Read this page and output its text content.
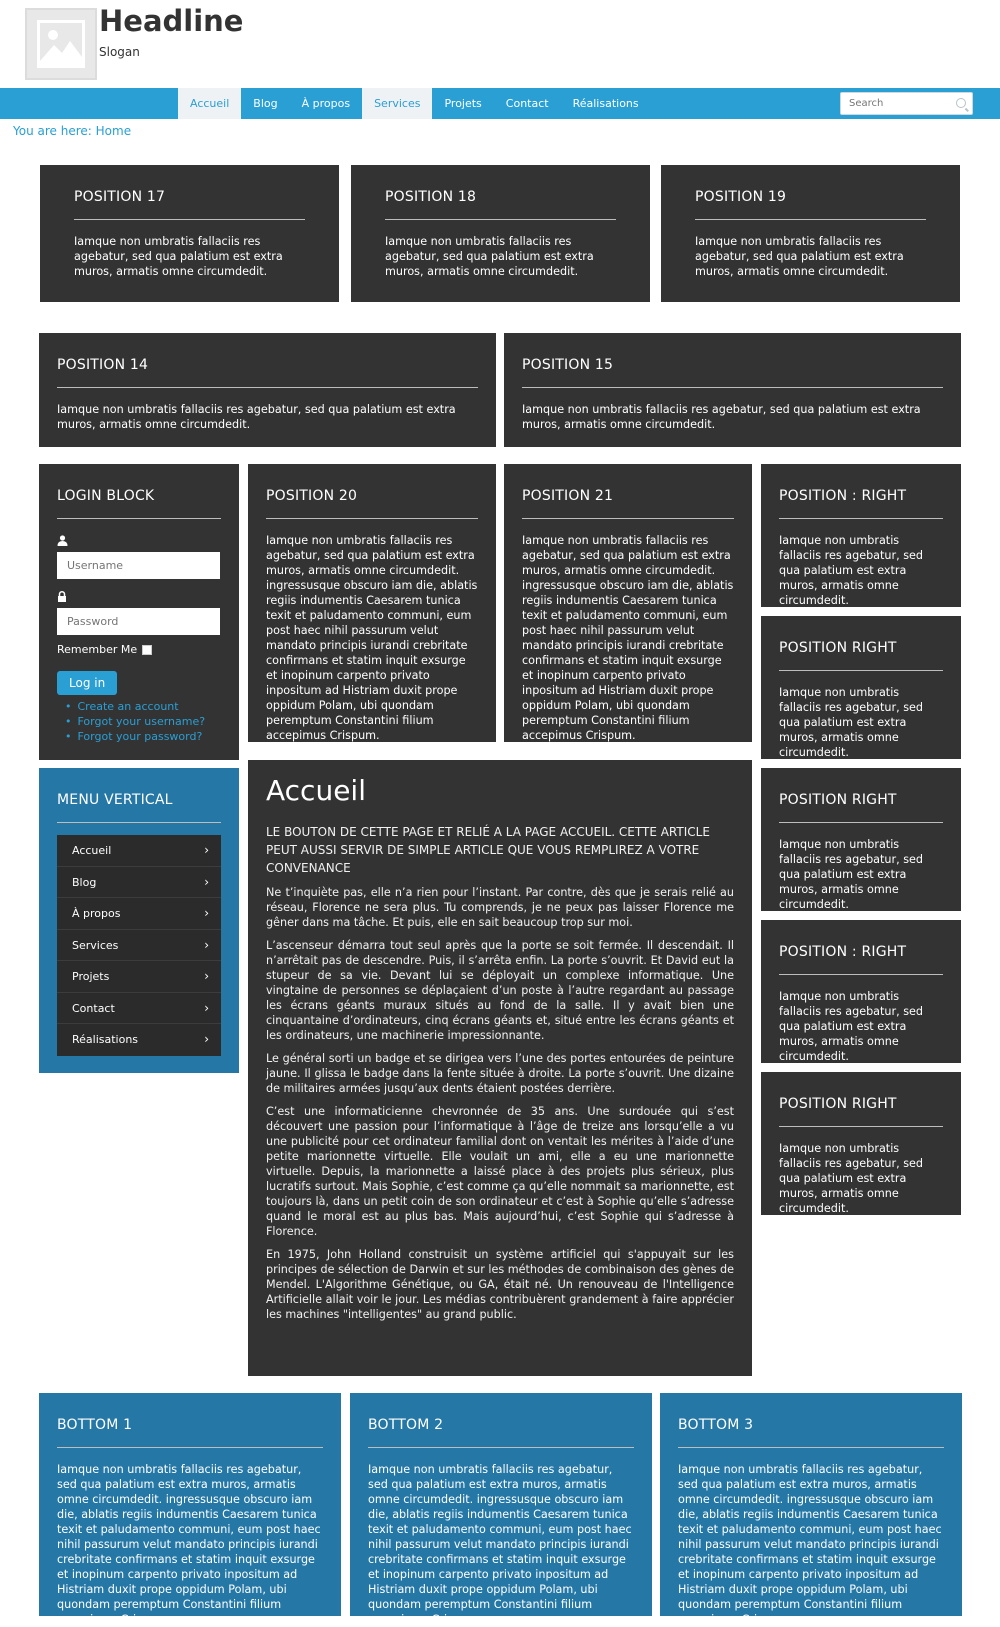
Headline
Slogan
Accueil	Blog	À propos	Services	Projets	Contact	Réalisations
Search
You are here: Home
POSITION 17
Iamque non umbratis fallaciis res agebatur, sed qua palatium est extra muros, armatis omne circumdedit.
POSITION 18
Iamque non umbratis fallaciis res agebatur, sed qua palatium est extra muros, armatis omne circumdedit.
POSITION 19
Iamque non umbratis fallaciis res agebatur, sed qua palatium est extra muros, armatis omne circumdedit.
POSITION 14
Iamque non umbratis fallaciis res agebatur, sed qua palatium est extra muros, armatis omne circumdedit.
POSITION 15
Iamque non umbratis fallaciis res agebatur, sed qua palatium est extra muros, armatis omne circumdedit.
LOGIN BLOCK
Username
Password
Remember Me
Log in
• Create an account
• Forgot your username?
• Forgot your password?
POSITION 20
Iamque non umbratis fallaciis res agebatur, sed qua palatium est extra muros, armatis omne circumdedit. ingressusque obscuro iam die, ablatis regiis indumentis Caesarem tunica texit et paludamento communi, eum post haec nihil passurum velut mandato principis iurandi crebritate confirmans et statim inquit exsurge et inopinum carpento privato inpositum ad Histriam duxit prope oppidum Polam, ubi quondam peremptum Constantini filium accepimus Crispum.
POSITION 21
Iamque non umbratis fallaciis res agebatur, sed qua palatium est extra muros, armatis omne circumdedit. ingressusque obscuro iam die, ablatis regiis indumentis Caesarem tunica texit et paludamento communi, eum post haec nihil passurum velut mandato principis iurandi crebritate confirmans et statim inquit exsurge et inopinum carpento privato inpositum ad Histriam duxit prope oppidum Polam, ubi quondam peremptum Constantini filium accepimus Crispum.
POSITION : RIGHT
Iamque non umbratis fallaciis res agebatur, sed qua palatium est extra muros, armatis omne circumdedit.
POSITION RIGHT
Iamque non umbratis fallaciis res agebatur, sed qua palatium est extra muros, armatis omne circumdedit.
POSITION RIGHT
Iamque non umbratis fallaciis res agebatur, sed qua palatium est extra muros, armatis omne circumdedit.
POSITION : RIGHT
Iamque non umbratis fallaciis res agebatur, sed qua palatium est extra muros, armatis omne circumdedit.
POSITION RIGHT
Iamque non umbratis fallaciis res agebatur, sed qua palatium est extra muros, armatis omne circumdedit.
MENU VERTICAL
Accueil	›
Blog	›
À propos	›
Services	›
Projets	›
Contact	›
Réalisations	›
Accueil
LE BOUTON DE CETTE PAGE ET RELIÉ A LA PAGE ACCUEIL. CETTE ARTICLE PEUT AUSSI SERVIR DE SIMPLE ARTICLE QUE VOUS REMPLIREZ A VOTRE CONVENANCE

Ne t’inquiète pas, elle n’a rien pour l’instant. Par contre, dès que je serais relié au réseau, Florence ne sera plus. Tu comprends, je ne peux pas laisser Florence me gêner dans ma tâche. Et puis, elle en sait beaucoup trop sur moi.

L’ascenseur démarra tout seul après que la porte se soit fermée. Il descendait. Il n’arrêtait pas de descendre. Puis, il s’arrêta enfin. La porte s’ouvrit. Et David eut la stupeur de sa vie. Devant lui se déployait un complexe informatique. Une vingtaine de personnes se déplaçaient d’un poste à l’autre regardant au passage les écrans géants muraux situés au fond de la salle. Il y avait bien une cinquantaine d’ordinateurs, cinq écrans géants et, situé entre les écrans géants et les ordinateurs, une machinerie impressionnante.

Le général sorti un badge et se dirigea vers l’une des portes entourées de peinture jaune. Il glissa le badge dans la fente située à droite. La porte s’ouvrit. Une dizaine de militaires armées jusqu’aux dents étaient postées derrière.

C’est une informaticienne chevronnée de 35 ans. Une surdouée qui s’est découvert une passion pour l’informatique à l’âge de treize ans lorsqu’elle a vu une publicité pour cet ordinateur familial dont on ventait les mérites à l’aide d’une petite marionnette virtuelle. Elle voulait un ami, elle a eu une marionnette virtuelle. Depuis, la marionnette a laissé place à des projets plus sérieux, plus lucratifs surtout. Mais Sophie, c’est comme ça qu’elle nommait sa marionnette, est toujours là, dans un petit coin de son ordinateur et c’est à Sophie qu’elle s’adresse quand le moral est au plus bas. Mais aujourd’hui, c’est Sophie qui s’adresse à Florence.

En 1975, John Holland construisit un système artificiel qui s'appuyait sur les principes de sélection de Darwin et sur les méthodes de combinaison des gènes de Mendel. L'Algorithme Génétique, ou GA, était né. Un renouveau de l'Intelligence Artificielle allait voir le jour. Les médias contribuèrent grandement à faire apprécier les machines "intelligentes" au grand public.

BOTTOM 1
Iamque non umbratis fallaciis res agebatur, sed qua palatium est extra muros, armatis omne circumdedit. ingressusque obscuro iam die, ablatis regiis indumentis Caesarem tunica texit et paludamento communi, eum post haec nihil passurum velut mandato principis iurandi crebritate confirmans et statim inquit exsurge et inopinum carpento privato inpositum ad Histriam duxit prope oppidum Polam, ubi quondam peremptum Constantini filium accepimus Crispum.
BOTTOM 2
Iamque non umbratis fallaciis res agebatur, sed qua palatium est extra muros, armatis omne circumdedit. ingressusque obscuro iam die, ablatis regiis indumentis Caesarem tunica texit et paludamento communi, eum post haec nihil passurum velut mandato principis iurandi crebritate confirmans et statim inquit exsurge et inopinum carpento privato inpositum ad Histriam duxit prope oppidum Polam, ubi quondam peremptum Constantini filium accepimus Crispum.
BOTTOM 3
Iamque non umbratis fallaciis res agebatur, sed qua palatium est extra muros, armatis omne circumdedit. ingressusque obscuro iam die, ablatis regiis indumentis Caesarem tunica texit et paludamento communi, eum post haec nihil passurum velut mandato principis iurandi crebritate confirmans et statim inquit exsurge et inopinum carpento privato inpositum ad Histriam duxit prope oppidum Polam, ubi quondam peremptum Constantini filium accepimus Crispum.
